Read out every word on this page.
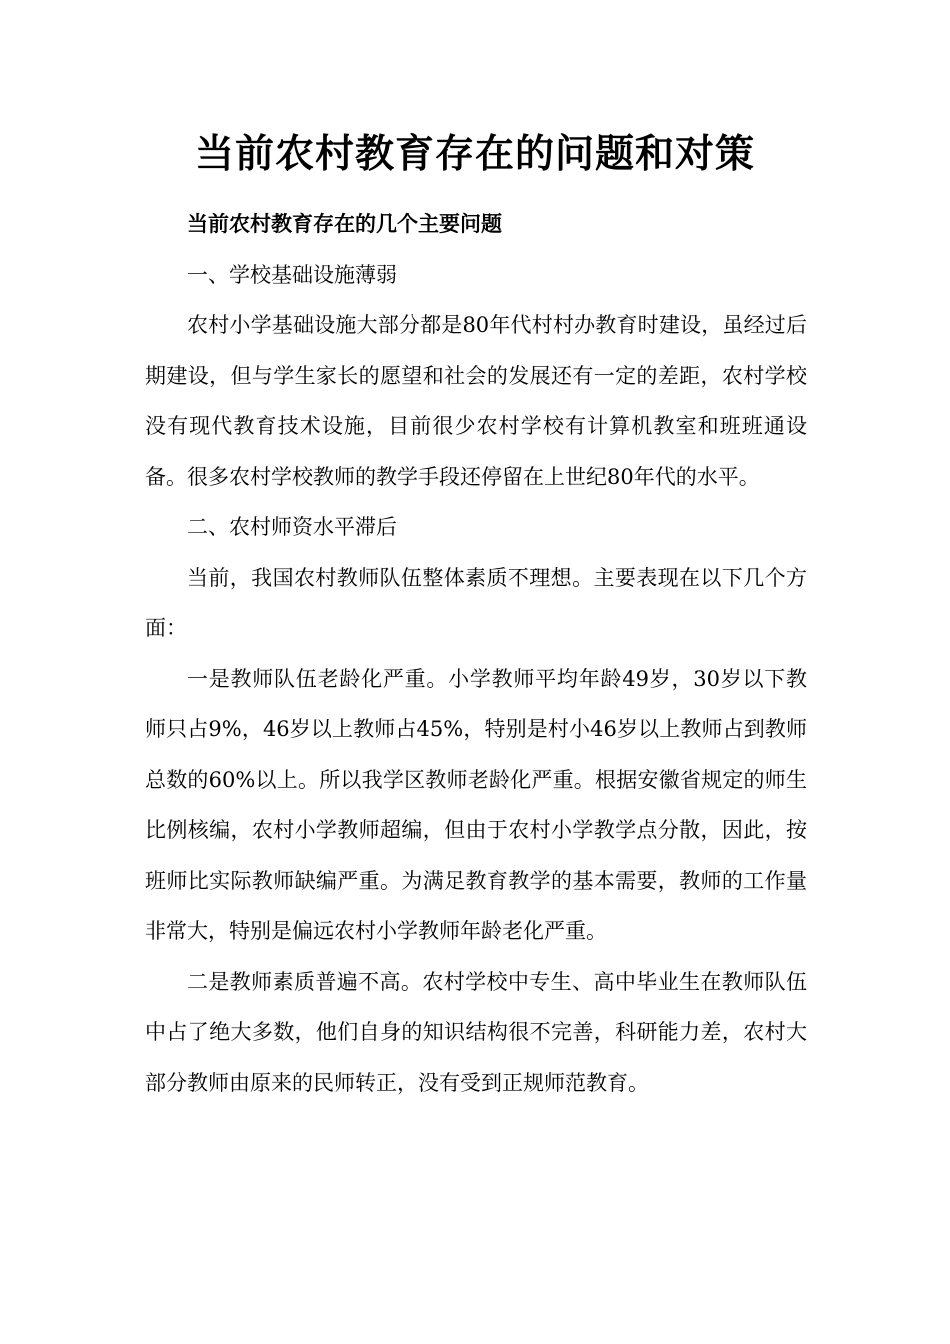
当前农村教育存在的问题和对策

当前农村教育存在的几个主要问题

一、学校基础设施薄弱

农村小学基础设施大部分都是80年代村村办教育时建设，虽经过后期建设，但与学生家长的愿望和社会的发展还有一定的差距，农村学校没有现代教育技术设施，目前很少农村学校有计算机教室和班班通设备。很多农村学校教师的教学手段还停留在上世纪80年代的水平。

二、农村师资水平滞后

当前，我国农村教师队伍整体素质不理想。主要表现在以下几个方面：

一是教师队伍老龄化严重。小学教师平均年龄49岁，30岁以下教师只占9%，46岁以上教师占45%，特别是村小46岁以上教师占到教师总数的60%以上。所以我学区教师老龄化严重。根据安徽省规定的师生比例核编，农村小学教师超编，但由于农村小学教学点分散，因此，按班师比实际教师缺编严重。为满足教育教学的基本需要，教师的工作量非常大，特别是偏远农村小学教师年龄老化严重。

二是教师素质普遍不高。农村学校中专生、高中毕业生在教师队伍中占了绝大多数，他们自身的知识结构很不完善，科研能力差，农村大部分教师由原来的民师转正，没有受到正规师范教育。
